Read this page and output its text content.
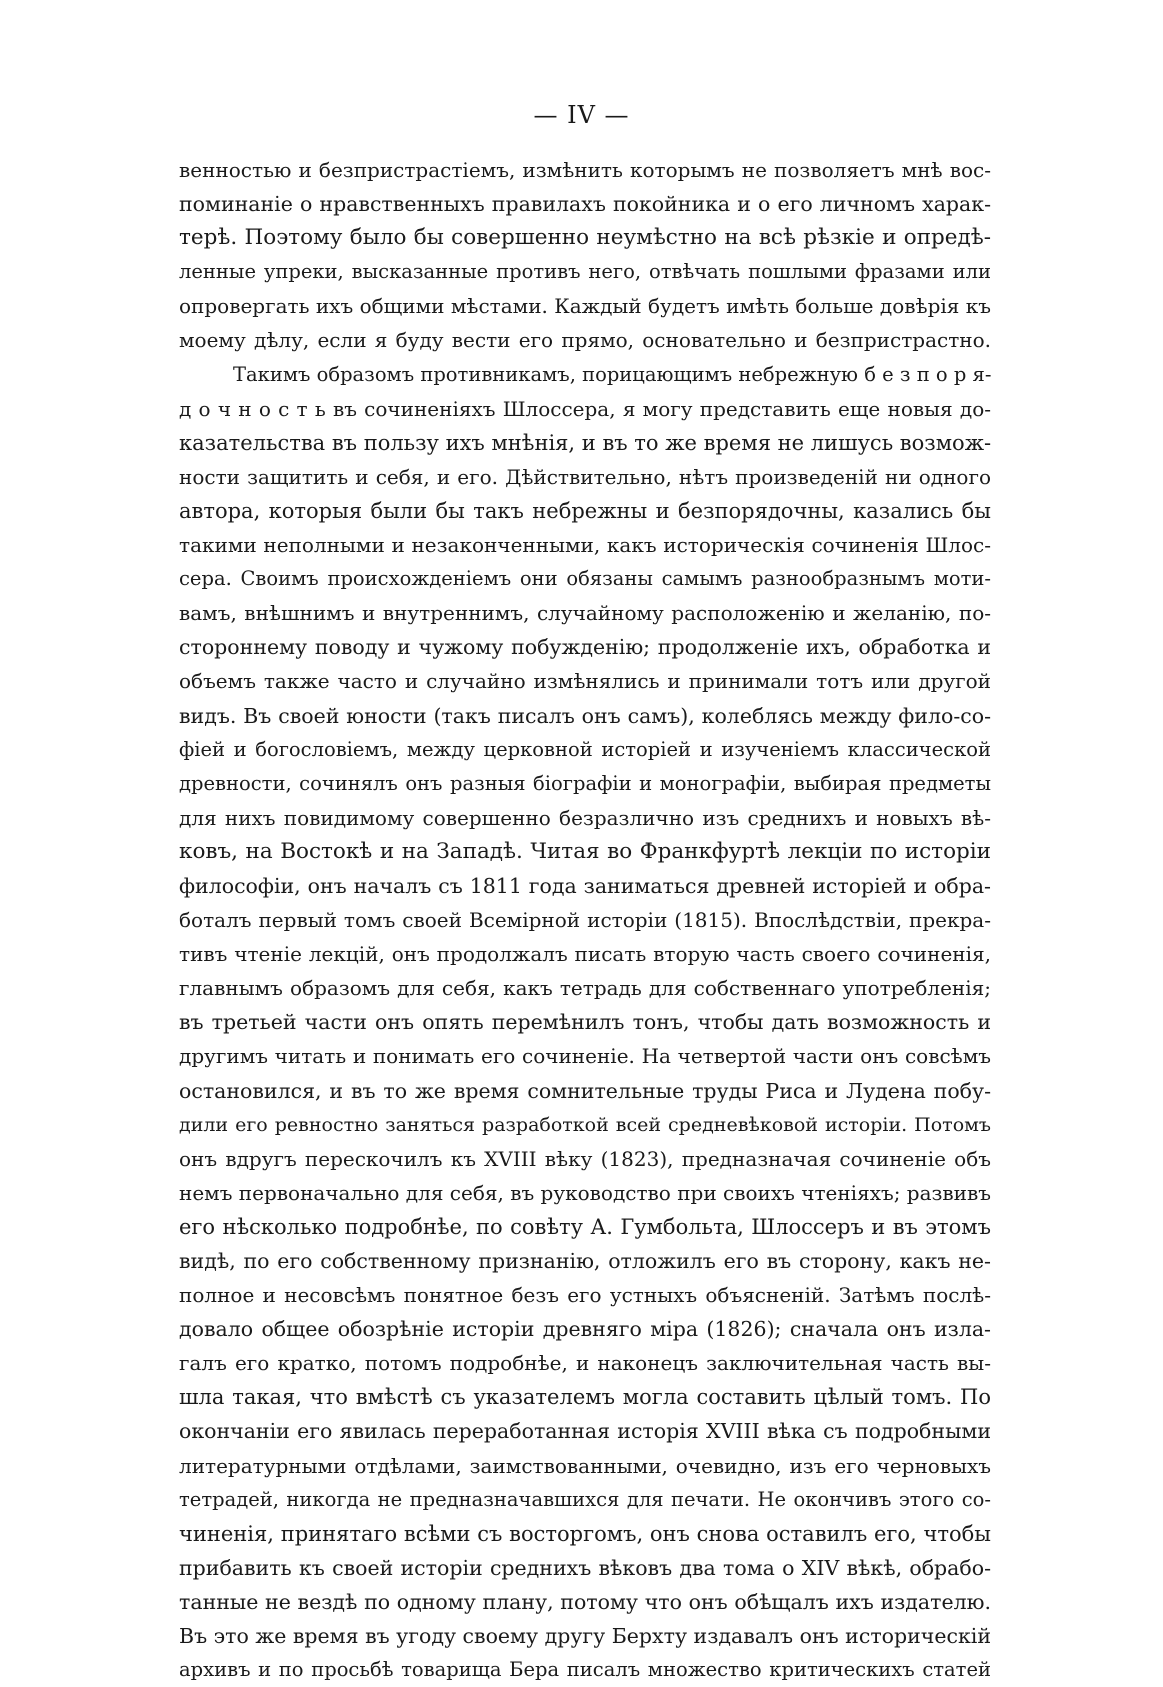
— IV —
венностью и безпристрастіемъ, измѣнить которымъ не позволяетъ мнѣ вос-
поминаніе о нравственныхъ правилахъ покойника и о его личномъ харак-
терѣ. Поэтому было бы совершенно неумѣстно на всѣ рѣзкіе и опредѣ-
ленные упреки, высказанные противъ него, отвѣчать пошлыми фразами или
опровергать ихъ общими мѣстами. Каждый будетъ имѣть больше довѣрія къ
моему дѣлу, если я буду вести его прямо, основательно и безпристрастно.
Такимъ образомъ противникамъ, порицающимъ небрежную б е з п о р я-
д о ч н о с т ь въ сочиненіяхъ Шлоссера, я могу представить еще новыя до-
казательства въ пользу ихъ мнѣнія, и въ то же время не лишусь возмож-
ности защитить и себя, и его. Дѣйствительно, нѣтъ произведеній ни одного
автора, которыя были бы такъ небрежны и безпорядочны, казались бы
такими неполными и незаконченными, какъ историческія сочиненія Шлос-
сера. Своимъ происхожденіемъ они обязаны самымъ разнообразнымъ моти-
вамъ, внѣшнимъ и внутреннимъ, случайному расположенію и желанію, по-
стороннему поводу и чужому побужденію; продолженіе ихъ, обработка и
объемъ также часто и случайно измѣнялись и принимали тотъ или другой
видъ. Въ своей юности (такъ писалъ онъ самъ), колеблясь между фило-со-
фіей и богословіемъ, между церковной исторіей и изученіемъ классической
древности, сочинялъ онъ разныя біографіи и монографіи, выбирая предметы
для нихъ повидимому совершенно безразлично изъ среднихъ и новыхъ вѣ-
ковъ, на Востокѣ и на Западѣ. Читая во Франкфуртѣ лекціи по исторіи
философіи, онъ началъ съ 1811 года заниматься древней исторіей и обра-
боталъ первый томъ своей Всемірной исторіи (1815). Впослѣдствіи, прекра-
тивъ чтеніе лекцій, онъ продолжалъ писать вторую часть своего сочиненія,
главнымъ образомъ для себя, какъ тетрадь для собственнаго употребленія;
въ третьей части онъ опять перемѣнилъ тонъ, чтобы дать возможность и
другимъ читать и понимать его сочиненіе. На четвертой части онъ совсѣмъ
остановился, и въ то же время сомнительные труды Риса и Лудена побу-
дили его ревностно заняться разработкой всей средневѣковой исторіи. Потомъ
онъ вдругъ перескочилъ къ XVIII вѣку (1823), предназначая сочиненіе объ
немъ первоначально для себя, въ руководство при своихъ чтеніяхъ; развивъ
его нѣсколько подробнѣе, по совѣту А. Гумбольта, Шлоссеръ и въ этомъ
видѣ, по его собственному признанію, отложилъ его въ сторону, какъ не-
полное и несовсѣмъ понятное безъ его устныхъ объясненій. Затѣмъ послѣ-
довало общее обозрѣніе исторіи древняго міра (1826); сначала онъ изла-
галъ его кратко, потомъ подробнѣе, и наконецъ заключительная часть вы-
шла такая, что вмѣстѣ съ указателемъ могла составить цѣлый томъ. По
окончаніи его явилась переработанная исторія XVIII вѣка съ подробными
литературными отдѣлами, заимствованными, очевидно, изъ его черновыхъ
тетрадей, никогда не предназначавшихся для печати. Не окончивъ этого со-
чиненія, принятаго всѣми съ восторгомъ, онъ снова оставилъ его, чтобы
прибавить къ своей исторіи среднихъ вѣковъ два тома о XIV вѣкѣ, обрабо-
танные не вездѣ по одному плану, потому что онъ обѣщалъ ихъ издателю.
Въ это же время въ угоду своему другу Берхту издавалъ онъ историческій
архивъ и по просьбѣ товарища Бера писалъ множество критическихъ статей
